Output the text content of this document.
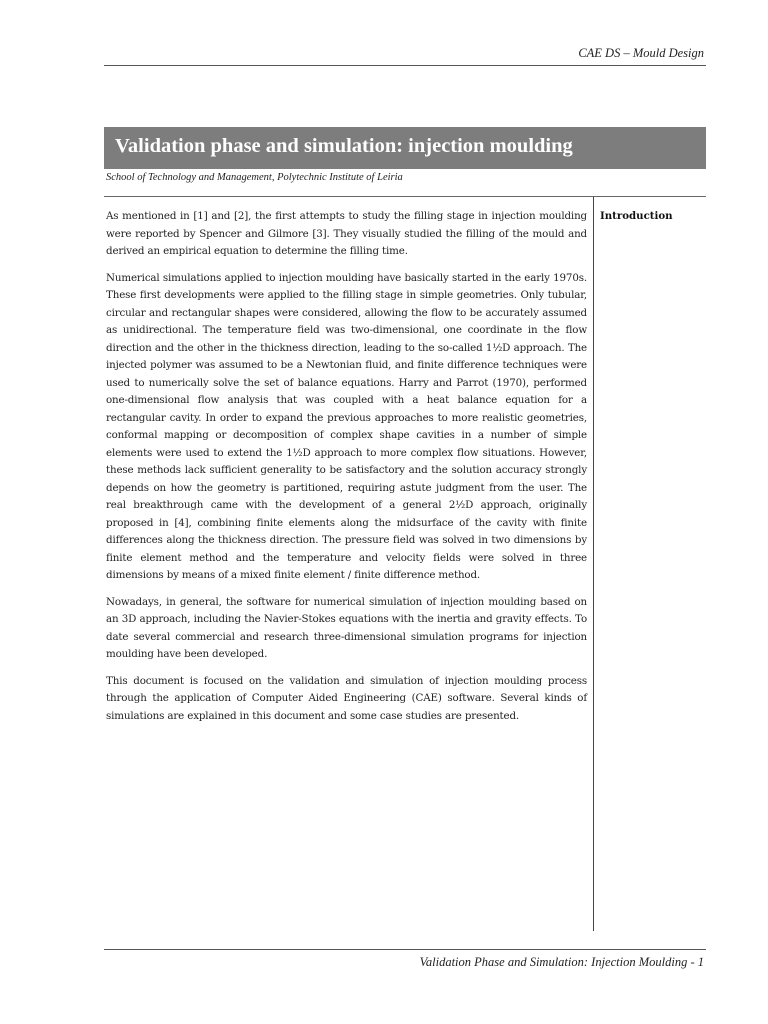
CAE DS – Mould Design
Validation phase and simulation: injection moulding
School of Technology and Management, Polytechnic Institute of Leiria

As mentioned in [1] and [2], the first attempts to study the filling stage in injection moulding were reported by Spencer and Gilmore [3]. They visually studied the filling of the mould and derived an empirical equation to determine the filling time.

Numerical simulations applied to injection moulding have basically started in the early 1970s. These first developments were applied to the filling stage in simple geometries. Only tubular, circular and rectangular shapes were considered, allowing the flow to be accurately assumed as unidirectional. The temperature field was two-dimensional, one coordinate in the flow direction and the other in the thickness direction, leading to the so-called 1½D approach. The injected polymer was assumed to be a Newtonian fluid, and finite difference techniques were used to numerically solve the set of balance equations. Harry and Parrot (1970), performed one-dimensional flow analysis that was coupled with a heat balance equation for a rectangular cavity. In order to expand the previous approaches to more realistic geometries, conformal mapping or decomposition of complex shape cavities in a number of simple elements were used to extend the 1½D approach to more complex flow situations. However, these methods lack sufficient generality to be satisfactory and the solution accuracy strongly depends on how the geometry is partitioned, requiring astute judgment from the user. The real breakthrough came with the development of a general 2½D approach, originally proposed in [4], combining finite elements along the midsurface of the cavity with finite differences along the thickness direction. The pressure field was solved in two dimensions by finite element method and the temperature and velocity fields were solved in three dimensions by means of a mixed finite element / finite difference method.

Nowadays, in general, the software for numerical simulation of injection moulding based on an 3D approach, including the Navier-Stokes equations with the inertia and gravity effects. To date several commercial and research three-dimensional simulation programs for injection moulding have been developed.

This document is focused on the validation and simulation of injection moulding process through the application of Computer Aided Engineering (CAE) software. Several kinds of simulations are explained in this document and some case studies are presented.

Introduction
Validation Phase and Simulation: Injection Moulding - 1
